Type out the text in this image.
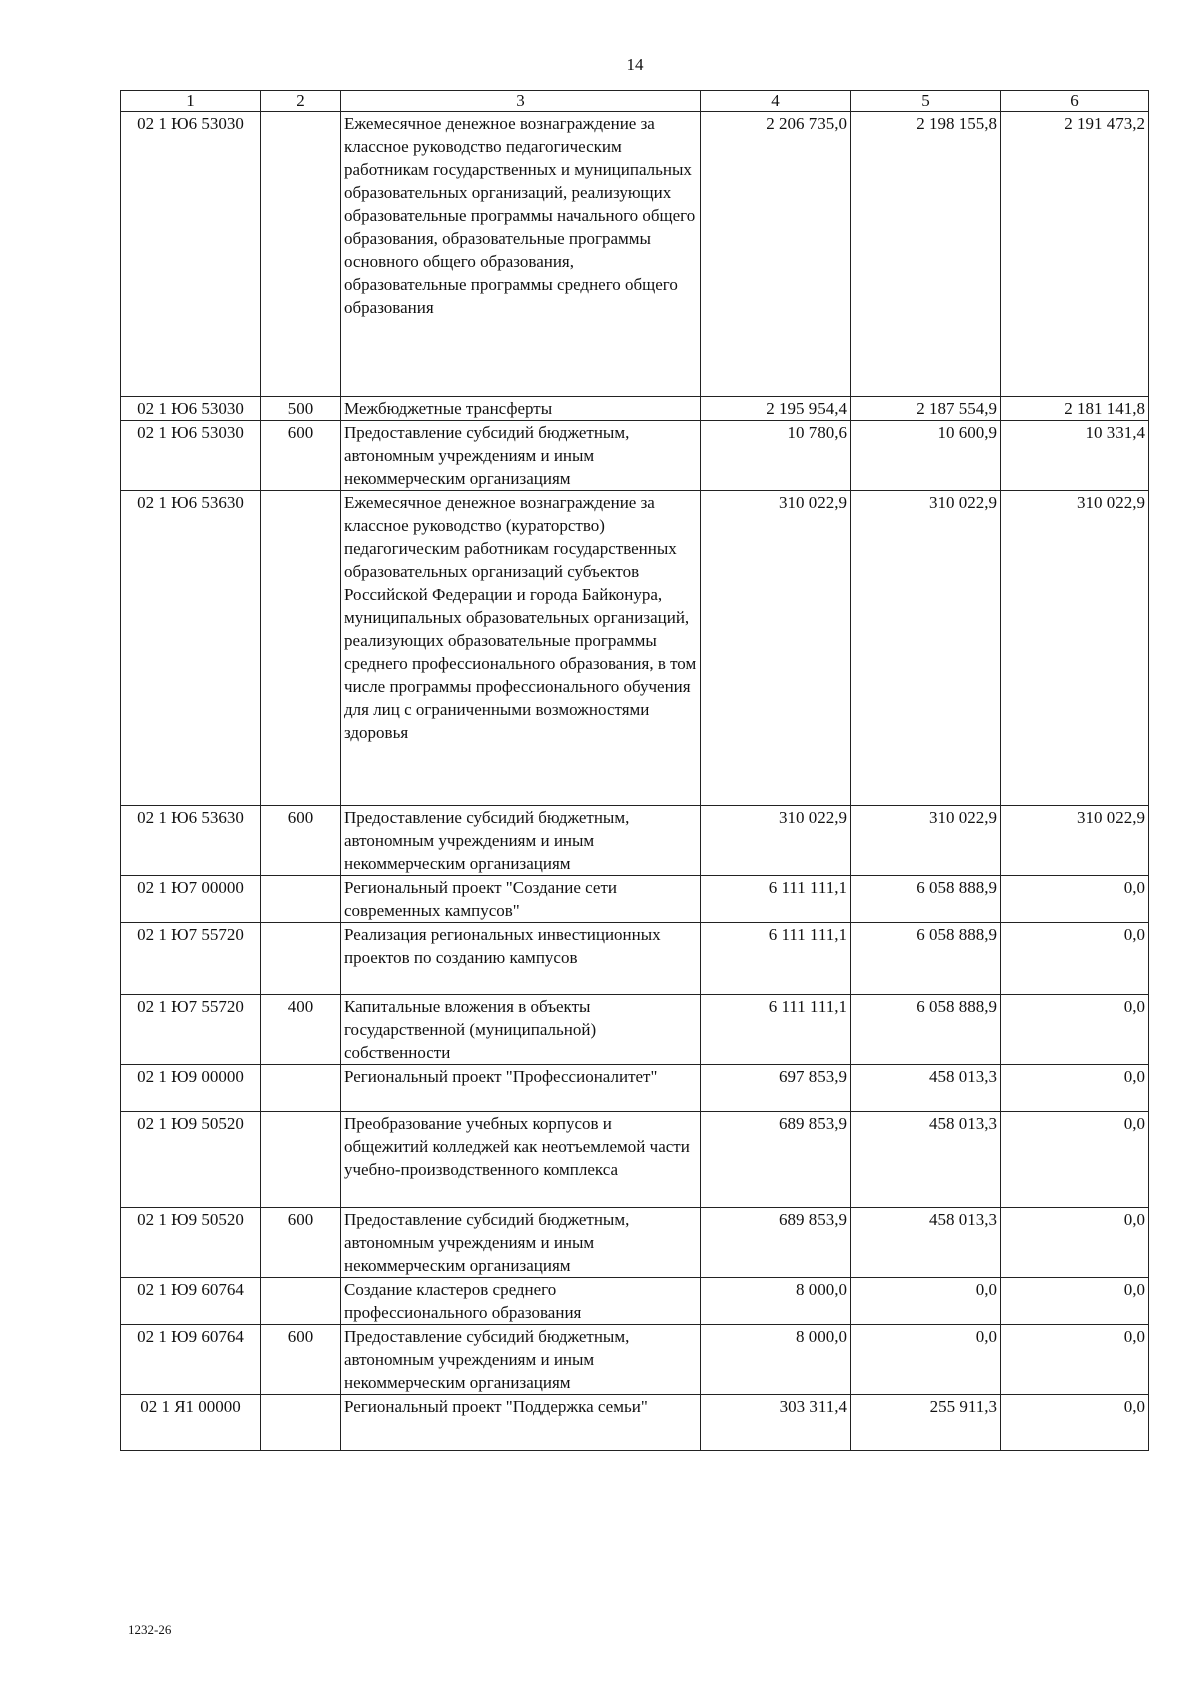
14
1	2	3	4	5	6
02 1 Ю6 53030		Ежемесячное денежное вознаграждение за классное руководство педагогическим работникам государственных и муниципальных образовательных организаций, реализующих образовательные программы начального общего образования, образовательные программы основного общего образования, образовательные программы среднего общего образования	2 206 735,0	2 198 155,8	2 191 473,2
02 1 Ю6 53030	500	Межбюджетные трансферты	2 195 954,4	2 187 554,9	2 181 141,8
02 1 Ю6 53030	600	Предоставление субсидий бюджетным, автономным учреждениям и иным некоммерческим организациям	10 780,6	10 600,9	10 331,4
02 1 Ю6 53630		Ежемесячное денежное вознаграждение за классное руководство (кураторство) педагогическим работникам государственных образовательных организаций субъектов Российской Федерации и города Байконура, муниципальных образовательных организаций, реализующих образовательные программы среднего профессионального образования, в том числе программы профессионального обучения для лиц с ограниченными возможностями здоровья	310 022,9	310 022,9	310 022,9
02 1 Ю6 53630	600	Предоставление субсидий бюджетным, автономным учреждениям и иным некоммерческим организациям	310 022,9	310 022,9	310 022,9
02 1 Ю7 00000		Региональный проект "Создание сети современных кампусов"	6 111 111,1	6 058 888,9	0,0
02 1 Ю7 55720		Реализация региональных инвестиционных проектов по созданию кампусов	6 111 111,1	6 058 888,9	0,0
02 1 Ю7 55720	400	Капитальные вложения в объекты государственной (муниципальной) собственности	6 111 111,1	6 058 888,9	0,0
02 1 Ю9 00000		Региональный проект "Профессионалитет"	697 853,9	458 013,3	0,0
02 1 Ю9 50520		Преобразование учебных корпусов и общежитий колледжей как неотъемлемой части учебно-производственного комплекса	689 853,9	458 013,3	0,0
02 1 Ю9 50520	600	Предоставление субсидий бюджетным, автономным учреждениям и иным некоммерческим организациям	689 853,9	458 013,3	0,0
02 1 Ю9 60764		Создание кластеров среднего профессионального образования	8 000,0	0,0	0,0
02 1 Ю9 60764	600	Предоставление субсидий бюджетным, автономным учреждениям и иным некоммерческим организациям	8 000,0	0,0	0,0
02 1 Я1 00000		Региональный проект "Поддержка семьи"	303 311,4	255 911,3	0,0
1232-26
